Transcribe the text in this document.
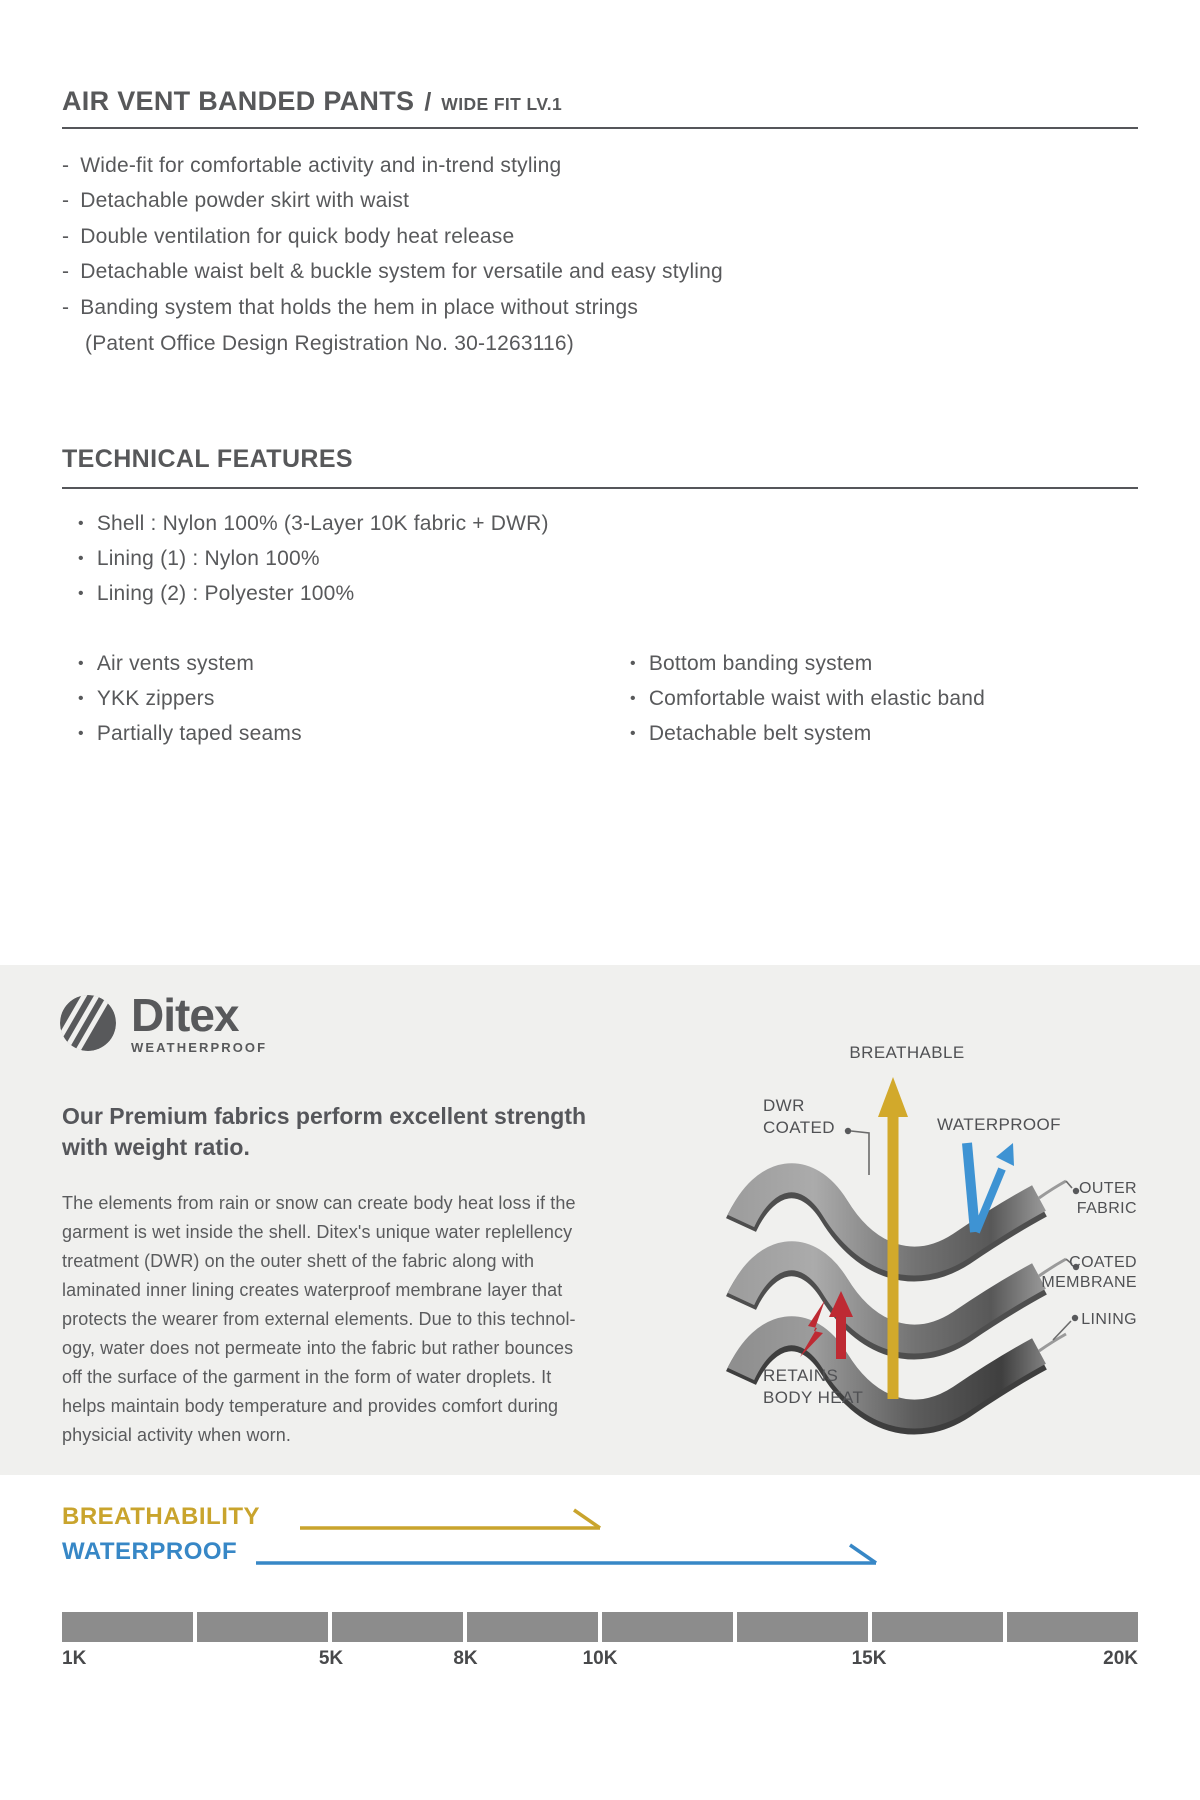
AIR VENT BANDED PANTS / WIDE FIT LV.1
- Wide-fit for comfortable activity and in-trend styling
- Detachable powder skirt with waist
- Double ventilation for quick body heat release
- Detachable waist belt & buckle system for versatile and easy styling
- Banding system that holds the hem in place without strings
(Patent Office Design Registration No. 30-1263116)
TECHNICAL FEATURES
• Shell : Nylon 100% (3-Layer 10K fabric + DWR)
• Lining (1) : Nylon 100%
• Lining (2) : Polyester 100%
• Air vents system
• YKK zippers
• Partially taped seams
• Bottom banding system
• Comfortable waist with elastic band
• Detachable belt system
Ditex
WEATHERPROOF
Our Premium fabrics perform excellent strength
with weight ratio.
The elements from rain or snow can create body heat loss if the
garment is wet inside the shell. Ditex's unique water replellency
treatment (DWR) on the outer shett of the fabric along with
laminated inner lining creates waterproof membrane layer that
protects the wearer from external elements. Due to this technol-
ogy, water does not permeate into the fabric but rather bounces
off the surface of the garment in the form of water droplets. It
helps maintain body temperature and provides comfort during
physicial activity when worn.
BREATHABLE
DWR
COATED	WATERPROOF
OUTER
FABRIC
COATED
MEMBRANE
LINING
RETAINS
BODY HEAT
BREATHABILITY
WATERPROOF
1K	5K	8K	10K	15K	20K
